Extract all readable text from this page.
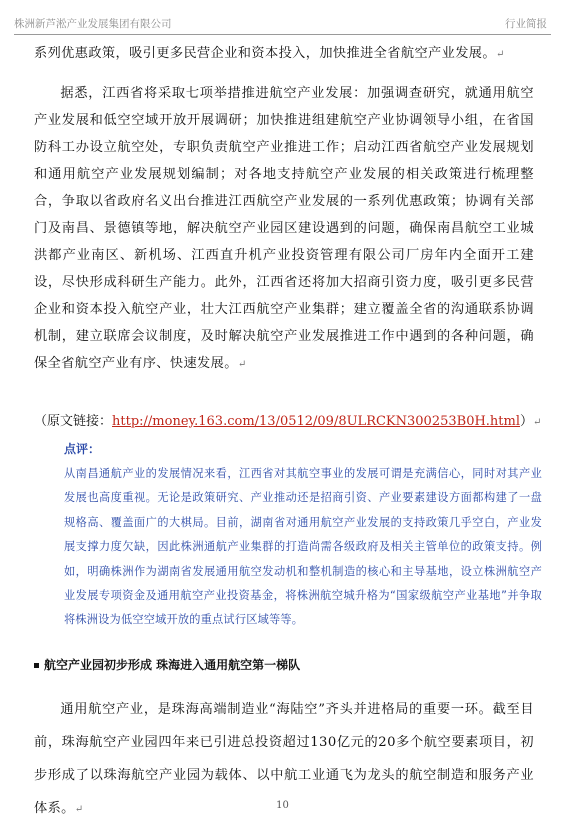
株洲新芦淞产业发展集团有限公司	行业简报
系列优惠政策，吸引更多民营企业和资本投入，加快推进全省航空产业发展。↵
据悉，江西省将采取七项举措推进航空产业发展：加强调查研究，就通用航空产业发展和低空空域开放开展调研；加快推进组建航空产业协调领导小组，在省国防科工办设立航空处，专职负责航空产业推进工作；启动江西省航空产业发展规划和通用航空产业发展规划编制；对各地支持航空产业发展的相关政策进行梳理整合，争取以省政府名义出台推进江西航空产业发展的一系列优惠政策；协调有关部门及南昌、景德镇等地，解决航空产业园区建设遇到的问题，确保南昌航空工业城洪都产业南区、新机场、江西直升机产业投资管理有限公司厂房年内全面开工建设，尽快形成科研生产能力。此外，江西省还将加大招商引资力度，吸引更多民营企业和资本投入航空产业，壮大江西航空产业集群；建立覆盖全省的沟通联系协调机制，建立联席会议制度，及时解决航空产业发展推进工作中遇到的各种问题，确保全省航空产业有序、快速发展。↵
（原文链接：http://money.163.com/13/0512/09/8ULRCKN300253B0H.html）↵
点评：
从南昌通航产业的发展情况来看，江西省对其航空事业的发展可谓是充满信心，同时对其产业发展也高度重视。无论是政策研究、产业推动还是招商引资、产业要素建设方面都构建了一盘规格高、覆盖面广的大棋局。目前，湖南省对通用航空产业发展的支持政策几乎空白，产业发展支撑力度欠缺，因此株洲通航产业集群的打造尚需各级政府及相关主管单位的政策支持。例如，明确株洲作为湖南省发展通用航空发动机和整机制造的核心和主导基地，设立株洲航空产业发展专项资金及通用航空产业投资基金，将株洲航空城升格为“国家级航空产业基地”并争取将株洲设为低空空域开放的重点试行区域等等。
航空产业园初步形成 珠海进入通用航空第一梯队
通用航空产业，是珠海高端制造业“海陆空”齐头并进格局的重要一环。截至目前，珠海航空产业园四年来已引进总投资超过130亿元的20多个航空要素项目，初步形成了以珠海航空产业园为载体、以中航工业通飞为龙头的航空制造和服务产业体系。↵	10
